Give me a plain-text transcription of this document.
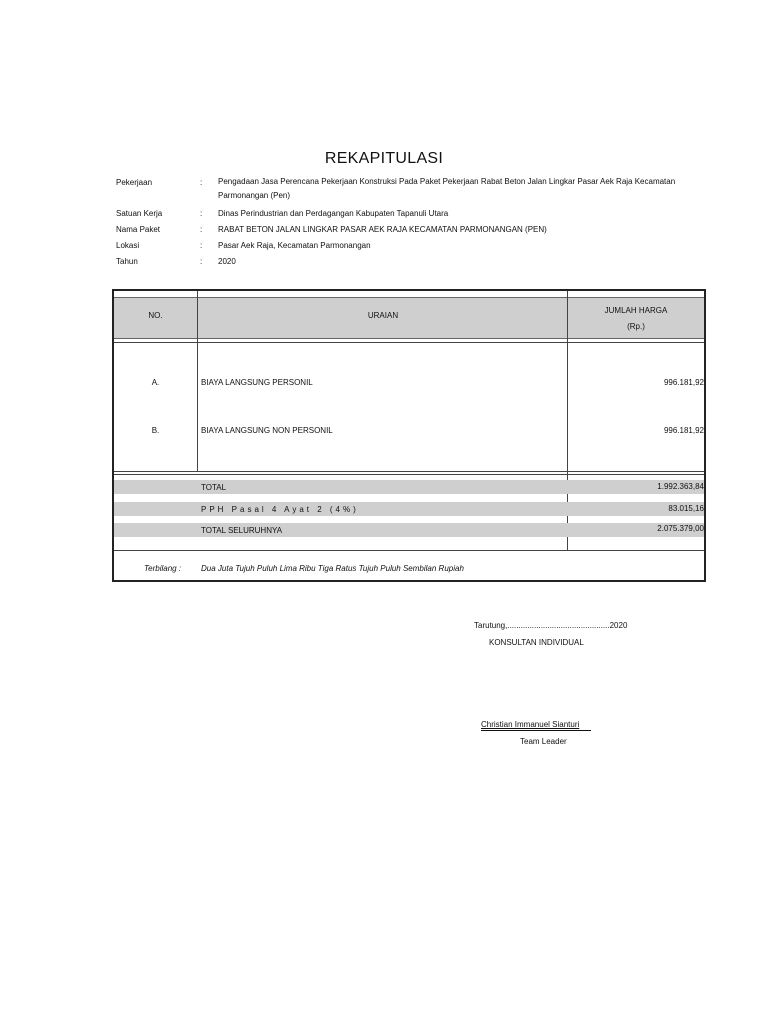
REKAPITULASI
Pekerjaan	:	Pengadaan Jasa Perencana Pekerjaan Konstruksi Pada Paket Pekerjaan Rabat Beton Jalan Lingkar Pasar Aek Raja Kecamatan Parmonangan (Pen)
Satuan Kerja	:	Dinas Perindustrian dan Perdagangan Kabupaten Tapanuli Utara
Nama Paket	:	RABAT BETON JALAN LINGKAR PASAR AEK RAJA KECAMATAN PARMONANGAN (PEN)
Lokasi	:	Pasar Aek Raja, Kecamatan Parmonangan
Tahun	:	2020
NO.	URAIAN
JUMLAH HARGA
(Rp.)
A.	BIAYA LANGSUNG PERSONIL	996.181,92
B.	BIAYA LANGSUNG NON PERSONIL	996.181,92
TOTAL	1.992.363,84
PPH Pasal 4 Ayat 2 (4%)	83.015,16
TOTAL SELURUHNYA	2.075.379,00
Terbilang : Dua Juta Tujuh Puluh Lima Ribu Tiga Ratus Tujuh Puluh Sembilan Rupiah
Tarutung,..............................................2020
KONSULTAN INDIVIDUAL
Christian Immanuel Sianturi
Team Leader
